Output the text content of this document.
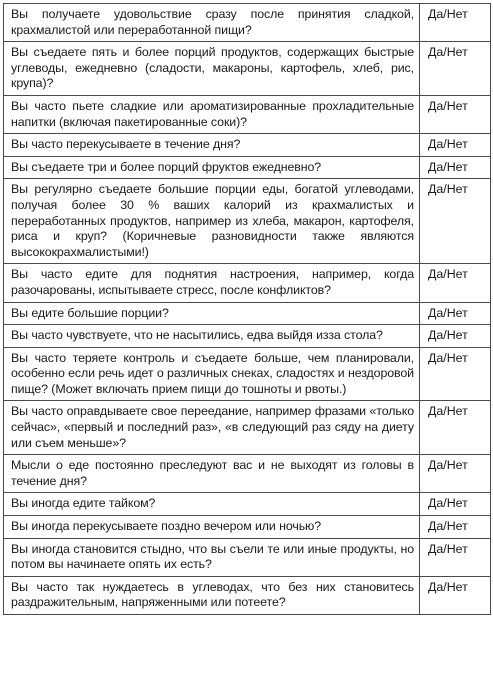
Вы получаете удовольствие сразу после принятия сладкой, крахмалистой или переработанной пищи?	Да/Нет
Вы съедаете пять и более порций продуктов, содержащих быстрые углеводы, ежедневно (сладости, макароны, картофель, хлеб, рис, крупа)?	Да/Нет
Вы часто пьете сладкие или ароматизированные прохладительные напитки (включая пакетированные соки)?	Да/Нет
Вы часто перекусываете в течение дня?	Да/Нет
Вы съедаете три и более порций фруктов ежедневно?	Да/Нет
Вы регулярно съедаете большие порции еды, богатой углеводами, получая более 30 % ваших калорий из крахмалистых и переработанных продуктов, например из хлеба, макарон, картофеля, риса и круп? (Коричневые разновидности также являются высококрахмалистыми!)	Да/Нет
Вы часто едите для поднятия настроения, например, когда разочарованы, испытываете стресс, после конфликтов?	Да/Нет
Вы едите большие порции?	Да/Нет
Вы часто чувствуете, что не насытились, едва выйдя изза стола?	Да/Нет
Вы часто теряете контроль и съедаете больше, чем планировали, особенно если речь идет о различных снеках, сладостях и нездоровой пище? (Может включать прием пищи до тошноты и рвоты.)	Да/Нет
Вы часто оправдываете свое переедание, например фразами «только сейчас», «первый и последний раз», «в следующий раз сяду на диету или съем меньше»?	Да/Нет
Мысли о еде постоянно преследуют вас и не выходят из головы в течение дня?	Да/Нет
Вы иногда едите тайком?	Да/Нет
Вы иногда перекусываете поздно вечером или ночью?	Да/Нет
Вы иногда становится стыдно, что вы съели те или иные продукты, но потом вы начинаете опять их есть?	Да/Нет
Вы часто так нуждаетесь в углеводах, что без них становитесь раздражительным, напряженными или потеете?	Да/Нет
